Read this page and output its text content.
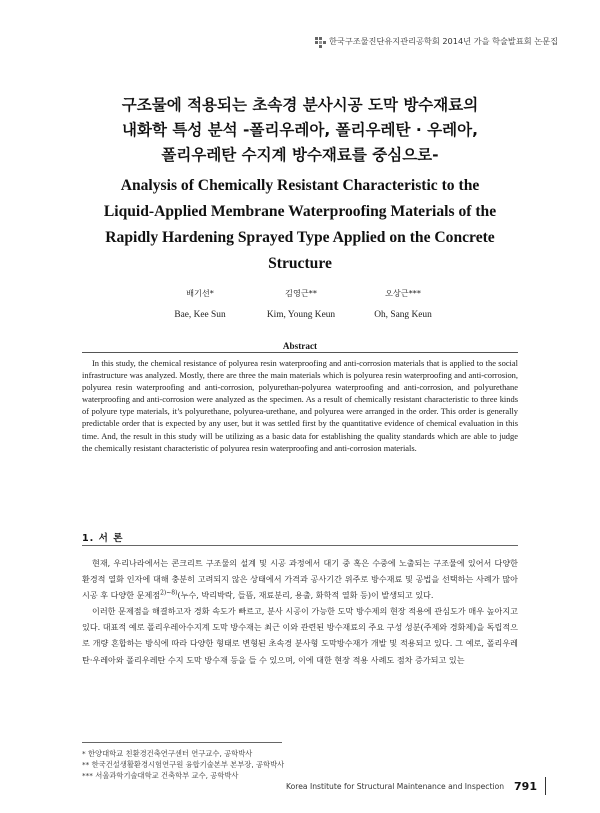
한국구조물진단유지관리공학회 2014년 가을 학술발표회 논문집
구조물에 적용되는 초속경 분사시공 도막 방수재료의
내화학 특성 분석 -폴리우레아, 폴리우레탄 · 우레아,
폴리우레탄 수지계 방수재료를 중심으로-
Analysis of Chemically Resistant Characteristic to the
Liquid-Applied Membrane Waterproofing Materials of the
Rapidly Hardening Sprayed Type Applied on the Concrete
Structure
배기선*
Bae, Kee Sun
김영근**
Kim, Young Keun
오상근***
Oh, Sang Keun
Abstract
In this study, the chemical resistance of polyurea resin waterproofing and anti-corrosion materials that is applied to the social infrastructure was analyzed. Mostly, there are three the main materials which is polyurea resin waterproofing and anti-corrosion, polyurea resin waterproofing and anti-corrosion, polyurethan-polyurea waterproofing and anti-corrosion, and polyurethane waterproofing and anti-corrosion were analyzed as the specimen. As a result of chemically resistant characteristic to three kinds of polyure type materials, it’s polyurethane, polyurea-urethane, and polyurea were arranged in the order. This order is generally predictable order that is expected by any user, but it was settled first by the quantitative evidence of chemical evaluation in this time. And, the result in this study will be utilizing as a basic data for establishing the quality standards which are able to judge the chemically resistant characteristic of polyurea resin waterproofing and anti-corrosion materials.
1. 서 론

현재, 우리나라에서는 콘크리트 구조물의 설계 및 시공 과정에서 대기 중 혹은 수중에 노출되는 구조물에 있어서 다양한 환경적 열화 인자에 대해 충분히 고려되지 않은 상태에서 가격과 공사기간 위주로 방수재료 및 공법을 선택하는 사례가 많아 시공 후 다양한 문제점$^{2)\sim 8)}$(누수, 박리박락, 들뜸, 재료분리, 용출, 화학적 열화 등)이 발생되고 있다.

이러한 문제점을 해결하고자 경화 속도가 빠르고, 분사 시공이 가능한 도막 방수제의 현장 적용에 관심도가 매우 높아지고 있다. 대표적 예로 폴리우레아수지계 도막 방수재는 최근 이와 관련된 방수재료의 주요 구성 성분(주제와 경화제)을 독립적으로 개량 혼합하는 방식에 따라 다양한 형태로 변형된 초속경 분사형 도막방수재가 개발 및 적용되고 있다. 그 예로, 폴리우레탄·우레아와 폴리우레탄 수지 도막 방수재 등을 들 수 있으며, 이에 대한 현장 적용 사례도 점차 증가되고 있는

* 한양대학교 친환경건축연구센터 연구교수, 공학박사
** 한국건설생활환경시험연구원 융합기술본부 본부장, 공학박사
*** 서울과학기술대학교 건축학부 교수, 공학박사
Korea Institute for Structural Maintenance and Inspection 791
